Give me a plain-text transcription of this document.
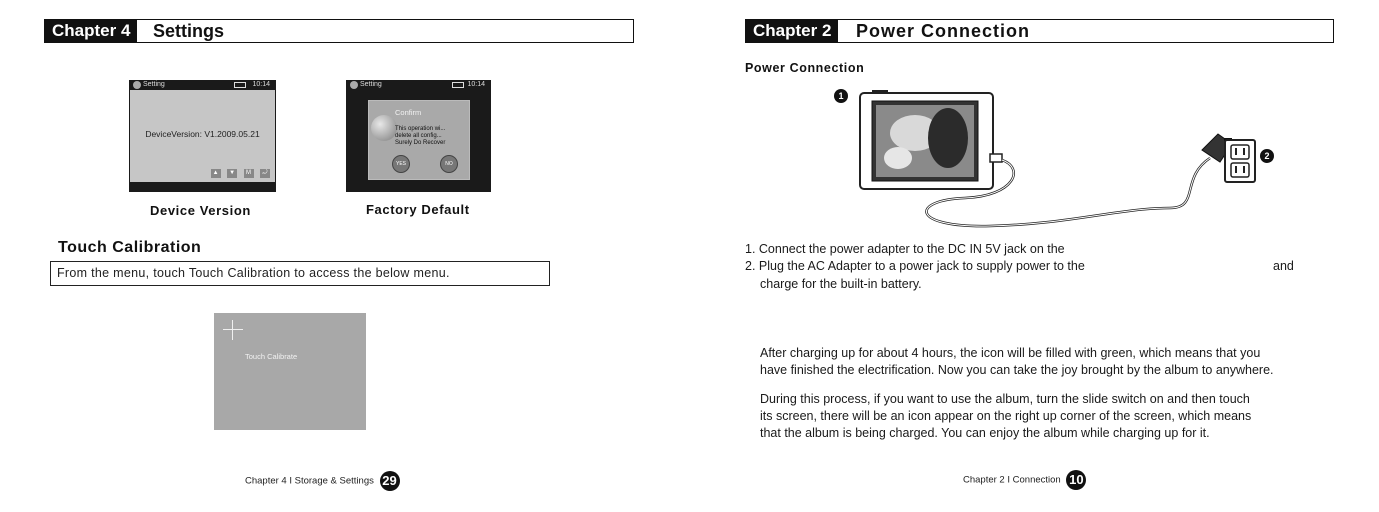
Chapter 4	Settings
Setting	10:14
DeviceVersion: V1.2009.05.21
▲ ▼ M ⤾
Device Version
Setting	10:14
Confirm
This operation wi...
delete all config...
Surely Do Recover
YES	NO
Factory Default
Touch Calibration
From the menu, touch Touch Calibration to access the below menu.
Touch Calibrate
Chapter 4 I Storage & Settings 29
Chapter 2	Power Connection
Power Connection
1
2
1. Connect the power adapter to the DC IN 5V jack on the
2. Plug the AC Adapter to a power jack to supply power to the	and
charge for the built-in battery.
After charging up for about 4 hours, the icon will be filled with green, which means that you
have finished the electrification. Now you can take the joy brought by the album to anywhere.
During this process, if you want to use the album, turn the slide switch on and then touch
its screen, there will be an icon appear on the right up corner of the screen, which means
that the album is being charged. You can enjoy the album while charging up for it.
Chapter 2 I Connection 10
